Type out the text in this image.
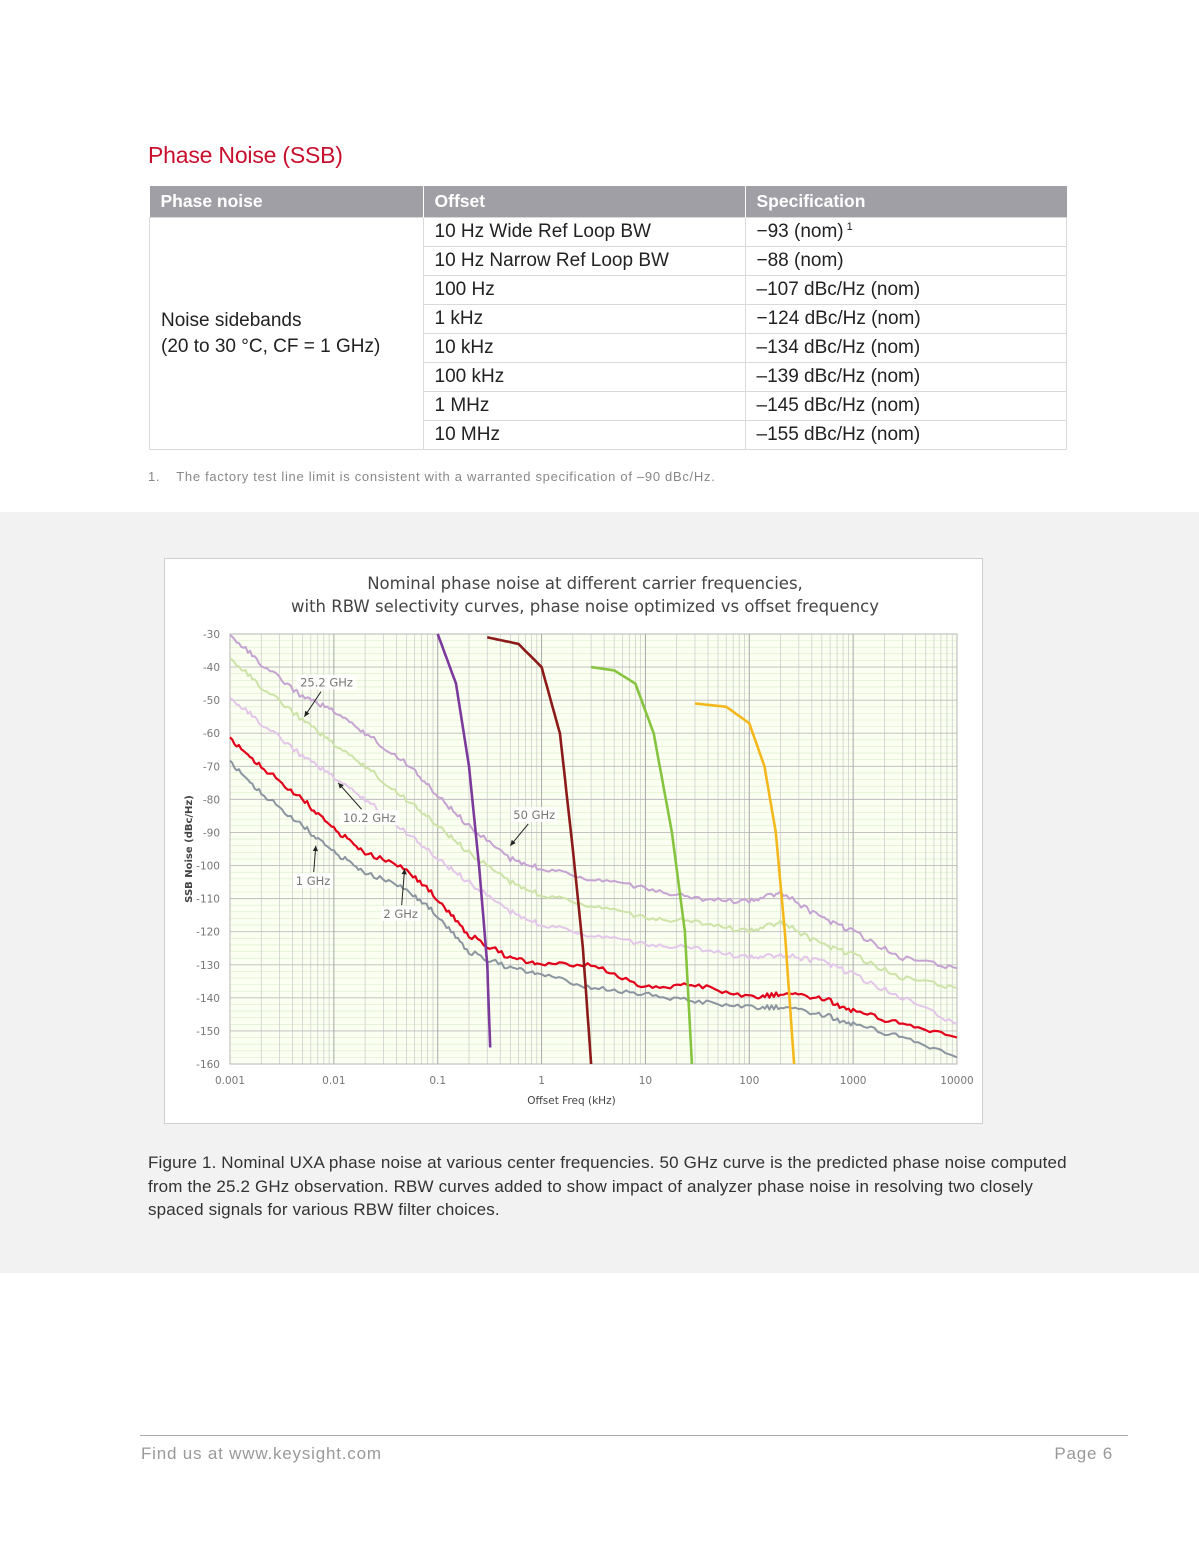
Phase Noise (SSB)
Phase noise	Offset	Specification

Noise sidebands
(20 to 30 °C, CF = 1 GHz)	10 Hz Wide Ref Loop BW	−93 (nom) $^1$
	10 Hz Narrow Ref Loop BW	−88 (nom)
	100 Hz	–107 dBc/Hz (nom)
	1 kHz	−124 dBc/Hz (nom)
	10 kHz	–134 dBc/Hz (nom)
	100 kHz	–139 dBc/Hz (nom)
	1 MHz	–145 dBc/Hz (nom)
	10 MHz	–155 dBc/Hz (nom)
1. The factory test line limit is consistent with a warranted specification of –90 dBc/Hz.
25.2 GHz
10.2 GHz	50 GHz
1 GHz
2 GHz
-30
-40
-50
-60
-70
-80
-90
-100
-110
-120
-130
-140
-150
-160
0.001	0.01	0.1	1	10	100	1000	10000
Offset Freq (kHz)
SSB Noise (dBc/Hz)
Nominal phase noise at different carrier frequencies,
with RBW selectivity curves, phase noise optimized vs offset frequency
Figure 1. Nominal UXA phase noise at various center frequencies. 50 GHz curve is the predicted phase noise computed from the 25.2 GHz observation. RBW curves added to show impact of analyzer phase noise in resolving two closely spaced signals for various RBW filter choices.
Find us at www.keysight.com	Page 6
